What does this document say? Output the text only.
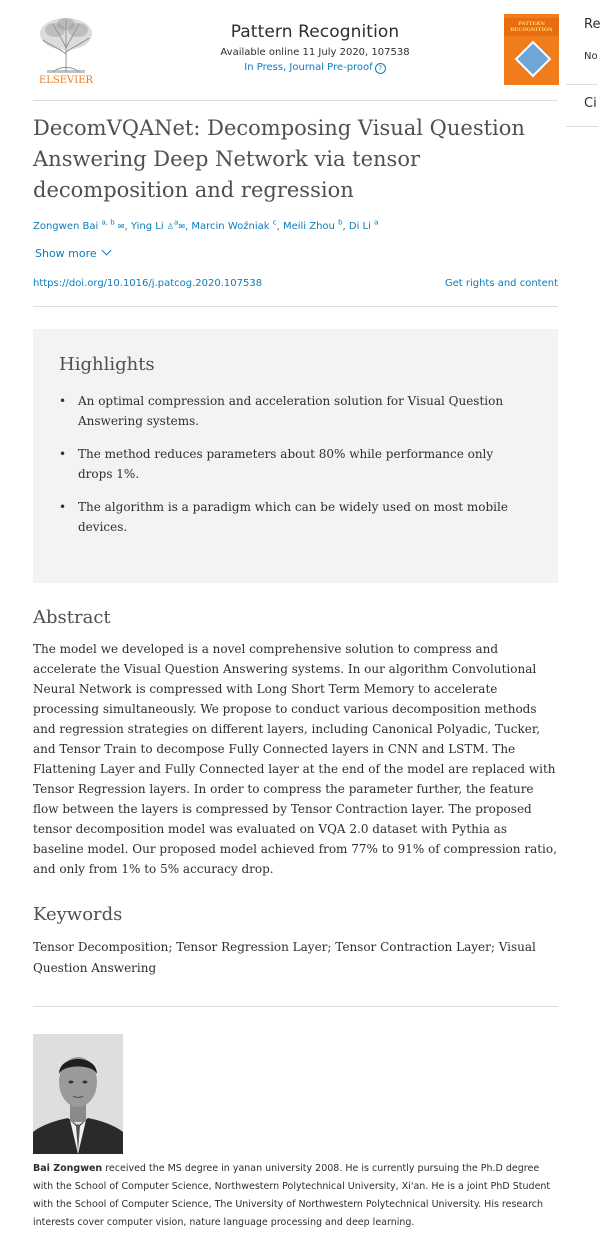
ELSEVIER
Pattern Recognition
Available online 11 July 2020, 107538
In Press, Journal Pre-proof ?
PATTERN RECOGNITION Re
No
Ci
DecomVQANet: Decomposing Visual Question Answering Deep Network via tensor decomposition and regression
Zongwen Bai $^{a, b}$ ✉, Ying Li ♙$^a$✉, Marcin Woźniak $^c$, Meili Zhou $^b$, Di Li $^a$
Show more
https://doi.org/10.1016/j.patcog.2020.107538	Get rights and content
Highlights
• An optimal compression and acceleration solution for Visual Question Answering systems.
• The method reduces parameters about 80% while performance only drops 1%.
• The algorithm is a paradigm which can be widely used on most mobile devices.
Abstract

The model we developed is a novel comprehensive solution to compress and accelerate the Visual Question Answering systems. In our algorithm Convolutional Neural Network is compressed with Long Short Term Memory to accelerate processing simultaneously. We propose to conduct various decomposition methods and regression strategies on different layers, including Canonical Polyadic, Tucker, and Tensor Train to decompose Fully Connected layers in CNN and LSTM. The Flattening Layer and Fully Connected layer at the end of the model are replaced with Tensor Regression layers. In order to compress the parameter further, the feature flow between the layers is compressed by Tensor Contraction layer. The proposed tensor decomposition model was evaluated on VQA 2.0 dataset with Pythia as baseline model. Our proposed model achieved from 77% to 91% of compression ratio, and only from 1% to 5% accuracy drop.

Keywords
Tensor Decomposition; Tensor Regression Layer; Tensor Contraction Layer; Visual Question Answering

Bai Zongwen received the MS degree in yanan university 2008. He is currently pursuing the Ph.D degree with the School of Computer Science, Northwestern Polytechnical University, Xi'an. He is a joint PhD Student with the School of Computer Science, The University of Northwestern Polytechnical University. His research interests cover computer vision, nature language processing and deep learning.
